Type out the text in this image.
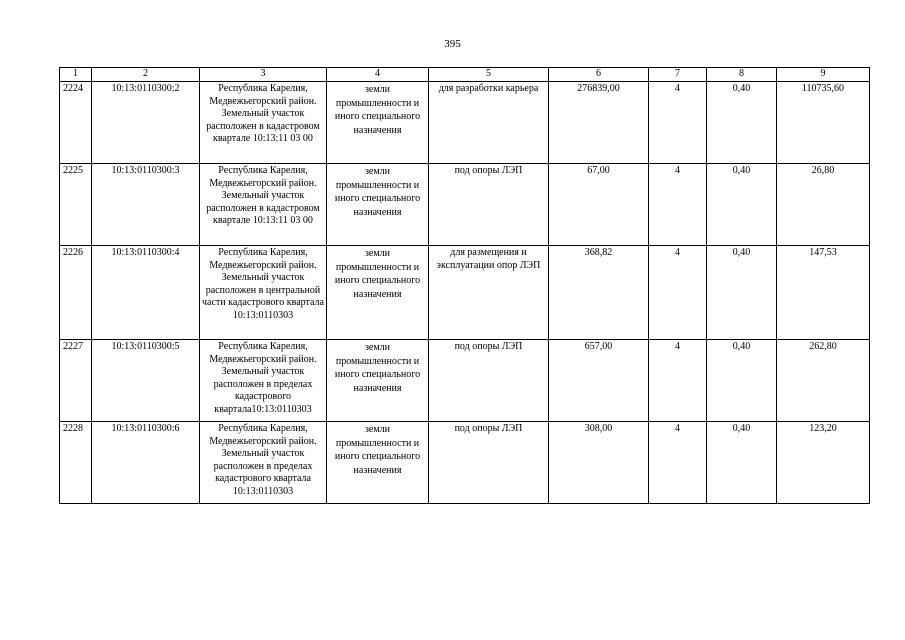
395
1	2	3	4	5	6	7	8	9
2224	10:13:0110300:2	Республика Карелия, Медвежьегорский район. Земельный участок расположен в кадастровом квартале 10:13:11 03 00	земли промышленности и иного специального назначения	для разработки карьера	276839,00	4	0,40	110735,60
2225	10:13:0110300:3	Республика Карелия, Медвежьегорский район. Земельный участок расположен в кадастровом квартале 10:13:11 03 00	земли промышленности и иного специального назначения	под опоры ЛЭП	67,00	4	0,40	26,80
2226	10:13:0110300:4	Республика Карелия, Медвежьегорский район. Земельный участок расположен в центральной части кадастрового квартала 10:13:0110303	земли промышленности и иного специального назначения	для размещения и эксплуатации опор ЛЭП	368,82	4	0,40	147,53
2227	10:13:0110300:5	Республика Карелия, Медвежьегорский район. Земельный участок расположен в пределах кадастрового квартала10:13:0110303	земли промышленности и иного специального назначения	под опоры ЛЭП	657,00	4	0,40	262,80
2228	10:13:0110300:6	Республика Карелия, Медвежьегорский район. Земельный участок расположен в пределах кадастрового квартала 10:13:0110303	земли промышленности и иного специального назначения	под опоры ЛЭП	308,00	4	0,40	123,20
